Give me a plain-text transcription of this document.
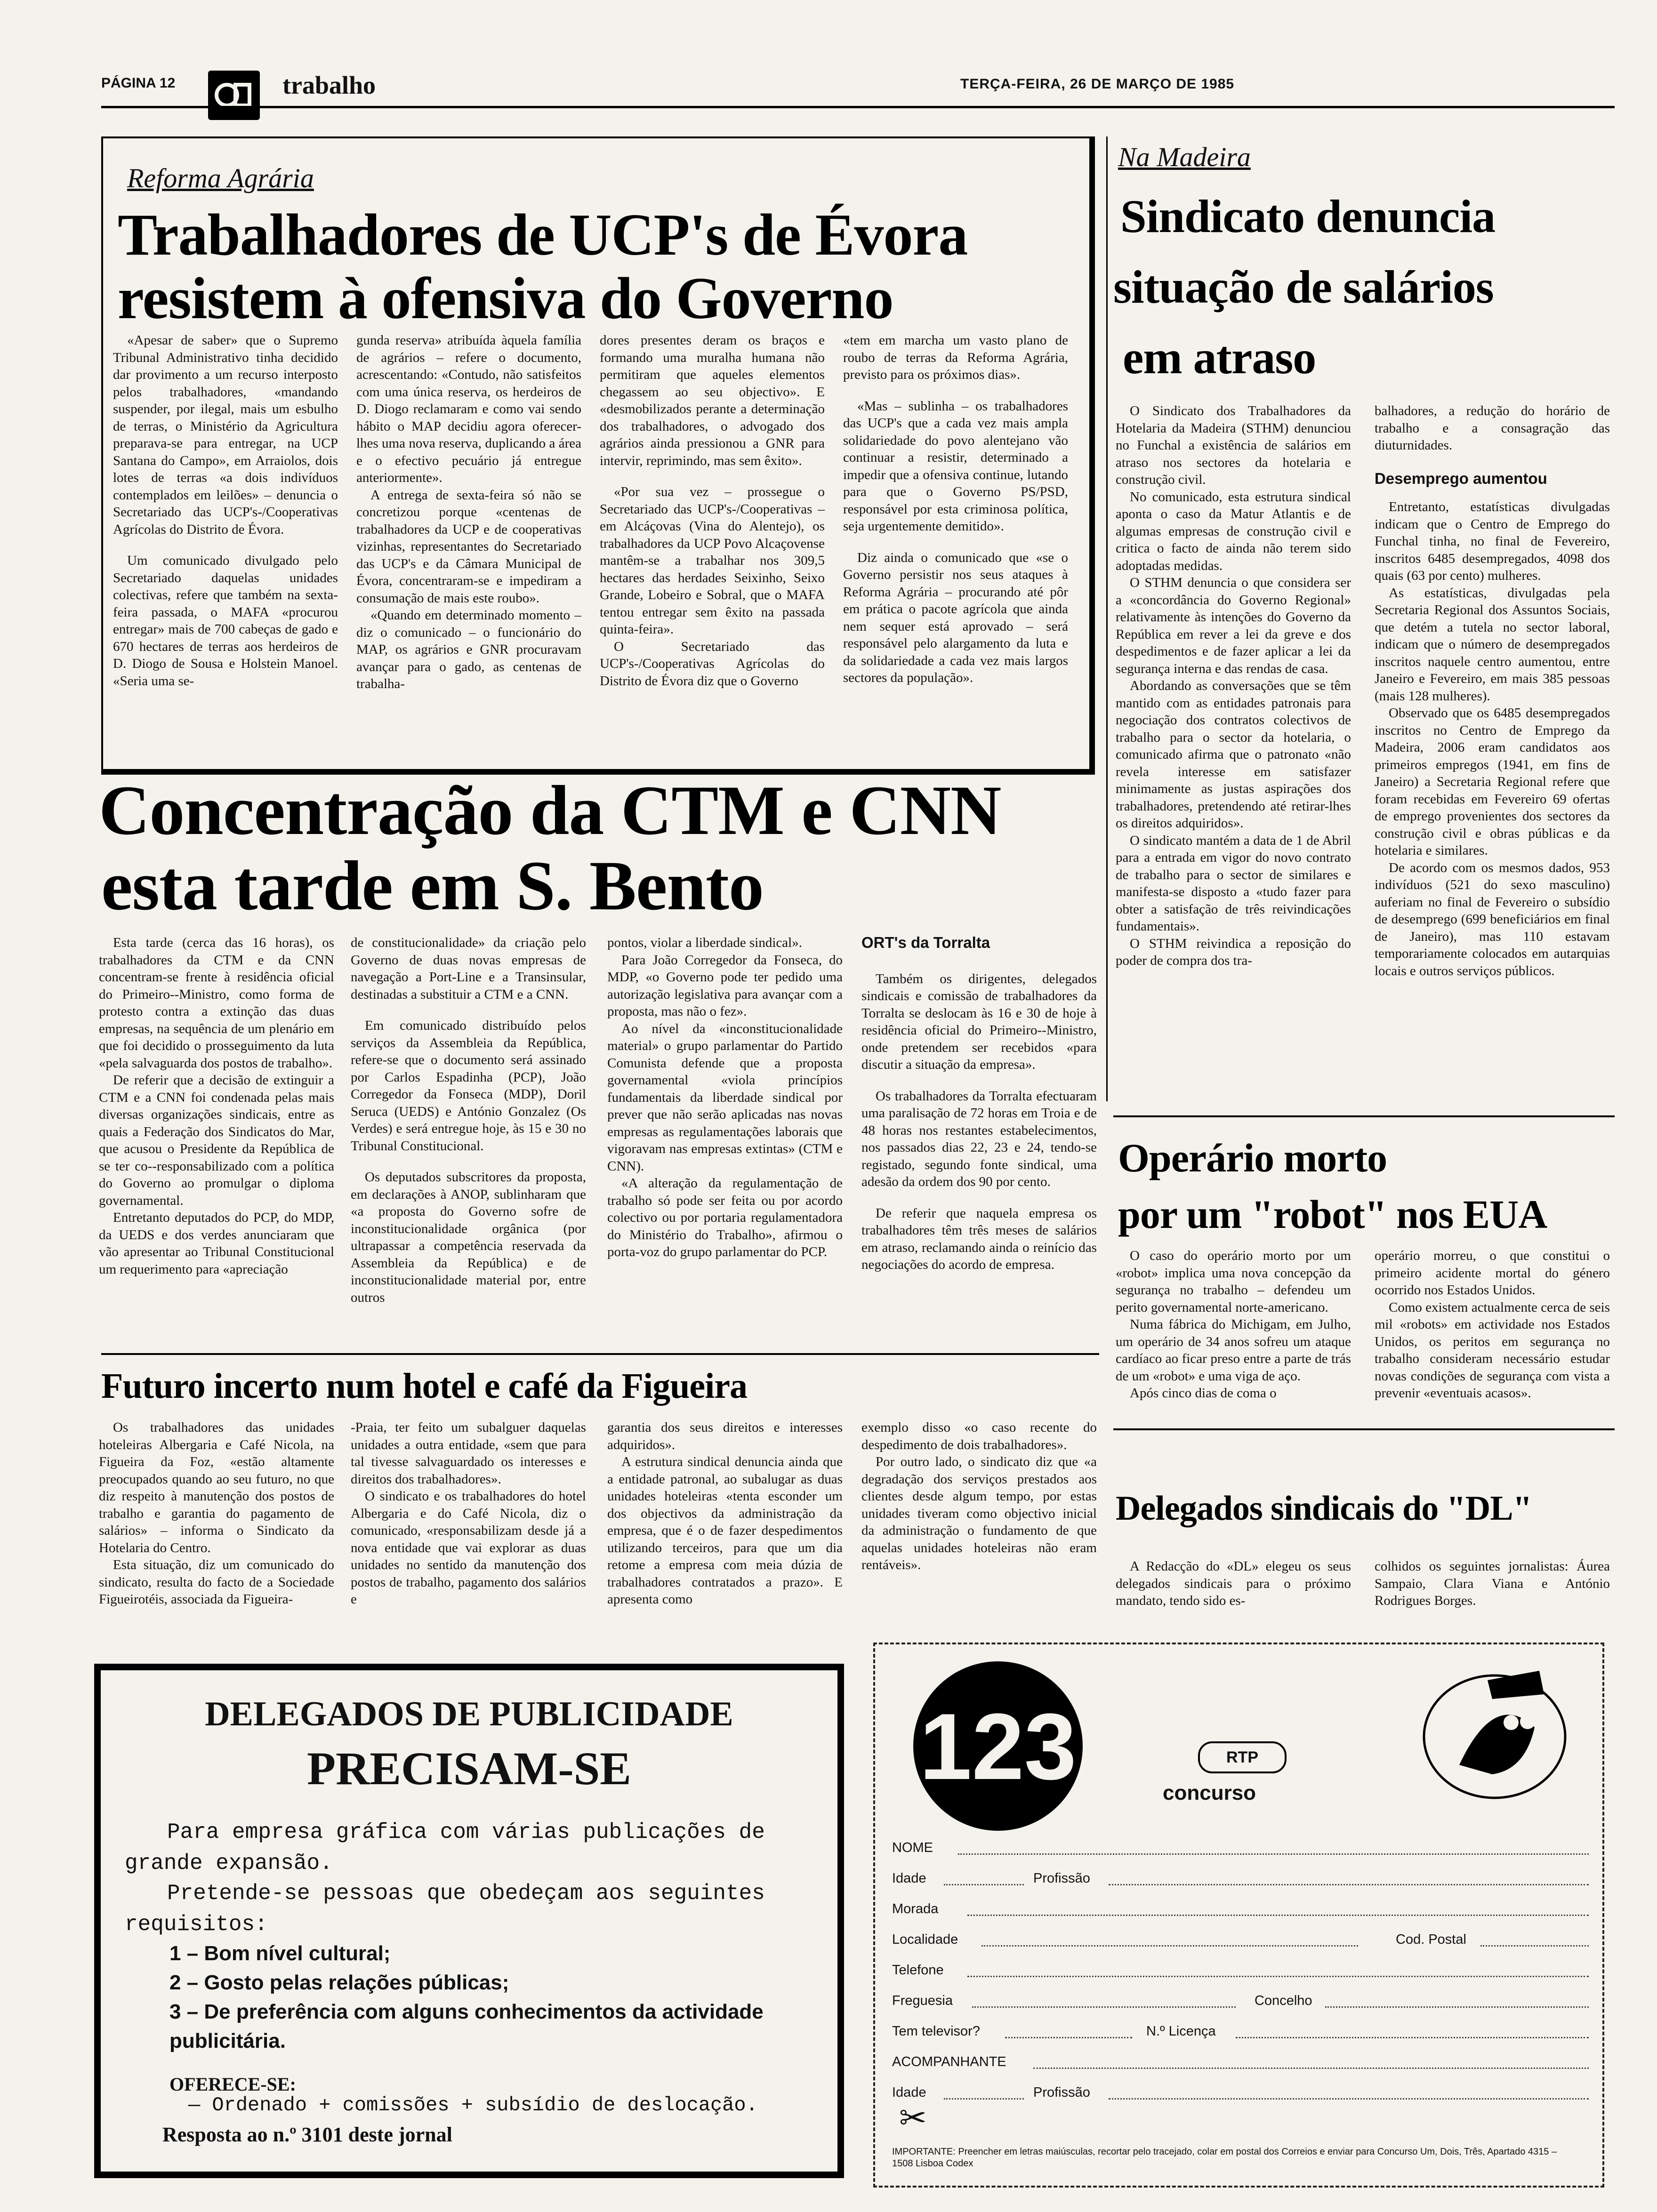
PÁGINA 12	trabalho	TERÇA-FEIRA, 26 DE MARÇO DE 1985
Reforma Agrária
Trabalhadores de UCP's de Évora
resistem à ofensiva do Governo
«Apesar de saber» que o Supremo Tribunal Administrativo tinha decidido dar provimento a um recurso interposto pelos trabalhadores, «mandando suspender, por ilegal, mais um esbulho de terras, o Ministério da Agricultura preparava-se para entregar, na UCP Santana do Campo», em Arraiolos, dois lotes de terras «a dois indivíduos contemplados em leilões» – denuncia o Secretariado das UCP's-/Cooperativas Agrícolas do Distrito de Évora.
Um comunicado divulgado pelo Secretariado daquelas unidades colectivas, refere que também na sexta-feira passada, o MAFA «procurou entregar» mais de 700 cabeças de gado e 670 hectares de terras aos herdeiros de D. Diogo de Sousa e Holstein Manoel. «Seria uma se-
gunda reserva» atribuída àquela família de agrários – refere o documento, acrescentando: «Contudo, não satisfeitos com uma única reserva, os herdeiros de D. Diogo reclamaram e como vai sendo hábito o MAP decidiu agora oferecer-lhes uma nova reserva, duplicando a área e o efectivo pecuário já entregue anteriormente».
A entrega de sexta-feira só não se concretizou porque «centenas de trabalhadores da UCP e de cooperativas vizinhas, representantes do Secretariado das UCP's e da Câmara Municipal de Évora, concentraram-se e impediram a consumação de mais este roubo».
«Quando em determinado momento – diz o comunicado – o funcionário do MAP, os agrários e GNR procuravam avançar para o gado, as centenas de trabalha-
dores presentes deram os braços e formando uma muralha humana não permitiram que aqueles elementos chegassem ao seu objectivo». E «desmobilizados perante a determinação dos trabalhadores, o advogado dos agrários ainda pressionou a GNR para intervir, reprimindo, mas sem êxito».
«Por sua vez – prossegue o Secretariado das UCP's-/Cooperativas – em Alcáçovas (Vina do Alentejo), os trabalhadores da UCP Povo Alcaçovense mantêm-se a trabalhar nos 309,5 hectares das herdades Seixinho, Seixo Grande, Lobeiro e Sobral, que o MAFA tentou entregar sem êxito na passada quinta-feira».
O Secretariado das UCP's-/Cooperativas Agrícolas do Distrito de Évora diz que o Governo
«tem em marcha um vasto plano de roubo de terras da Reforma Agrária, previsto para os próximos dias».
«Mas – sublinha – os trabalhadores das UCP's que a cada vez mais ampla solidariedade do povo alentejano vão continuar a resistir, determinado a impedir que a ofensiva continue, lutando para que o Governo PS/PSD, responsável por esta criminosa política, seja urgentemente demitido».
Diz ainda o comunicado que «se o Governo persistir nos seus ataques à Reforma Agrária – procurando até pôr em prática o pacote agrícola que ainda nem sequer está aprovado – será responsável pelo alargamento da luta e da solidariedade a cada vez mais largos sectores da população».
Na Madeira
Sindicato denuncia
situação de salários
em atraso
O Sindicato dos Trabalhadores da Hotelaria da Madeira (STHM) denunciou no Funchal a existência de salários em atraso nos sectores da hotelaria e construção civil.
No comunicado, esta estrutura sindical aponta o caso da Matur Atlantis e de algumas empresas de construção civil e critica o facto de ainda não terem sido adoptadas medidas.
O STHM denuncia o que considera ser a «concordância do Governo Regional» relativamente às intenções do Governo da República em rever a lei da greve e dos despedimentos e de fazer aplicar a lei da segurança interna e das rendas de casa.
Abordando as conversações que se têm mantido com as entidades patronais para negociação dos contratos colectivos de trabalho para o sector da hotelaria, o comunicado afirma que o patronato «não revela interesse em satisfazer minimamente as justas aspirações dos trabalhadores, pretendendo até retirar-lhes os direitos adquiridos».
O sindicato mantém a data de 1 de Abril para a entrada em vigor do novo contrato de trabalho para o sector de similares e manifesta-se disposto a «tudo fazer para obter a satisfação de três reivindicações fundamentais».
O STHM reivindica a reposição do poder de compra dos tra-
balhadores, a redução do horário de trabalho e a consagração das diuturnidades.
Desemprego aumentou
Entretanto, estatísticas divulgadas indicam que o Centro de Emprego do Funchal tinha, no final de Fevereiro, inscritos 6485 desempregados, 4098 dos quais (63 por cento) mulheres.
As estatísticas, divulgadas pela Secretaria Regional dos Assuntos Sociais, que detém a tutela no sector laboral, indicam que o número de desempregados inscritos naquele centro aumentou, entre Janeiro e Fevereiro, em mais 385 pessoas (mais 128 mulheres).
Observado que os 6485 desempregados inscritos no Centro de Emprego da Madeira, 2006 eram candidatos aos primeiros empregos (1941, em fins de Janeiro) a Secretaria Regional refere que foram recebidas em Fevereiro 69 ofertas de emprego provenientes dos sectores da construção civil e obras públicas e da hotelaria e similares.
De acordo com os mesmos dados, 953 indivíduos (521 do sexo masculino) auferiam no final de Fevereiro o subsídio de desemprego (699 beneficiários em final de Janeiro), mas 110 estavam temporariamente colocados em autarquias locais e outros serviços públicos.
Concentração da CTM e CNN
esta tarde em S. Bento
Esta tarde (cerca das 16 horas), os trabalhadores da CTM e da CNN concentram-se frente à residência oficial do Primeiro--Ministro, como forma de protesto contra a extinção das duas empresas, na sequência de um plenário em que foi decidido o prosseguimento da luta «pela salvaguarda dos postos de trabalho».
De referir que a decisão de extinguir a CTM e a CNN foi condenada pelas mais diversas organizações sindicais, entre as quais a Federação dos Sindicatos do Mar, que acusou o Presidente da República de se ter co--responsabilizado com a política do Governo ao promulgar o diploma governamental.
Entretanto deputados do PCP, do MDP, da UEDS e dos verdes anunciaram que vão apresentar ao Tribunal Constitucional um requerimento para «apreciação
de constitucionalidade» da criação pelo Governo de duas novas empresas de navegação a Port-Line e a Transinsular, destinadas a substituir a CTM e a CNN.
Em comunicado distribuído pelos serviços da Assembleia da República, refere-se que o documento será assinado por Carlos Espadinha (PCP), João Corregedor da Fonseca (MDP), Doril Seruca (UEDS) e António Gonzalez (Os Verdes) e será entregue hoje, às 15 e 30 no Tribunal Constitucional.
Os deputados subscritores da proposta, em declarações à ANOP, sublinharam que «a proposta do Governo sofre de inconstitucionalidade orgânica (por ultrapassar a competência reservada da Assembleia da República) e de inconstitucionalidade material por, entre outros
pontos, violar a liberdade sindical».
Para João Corregedor da Fonseca, do MDP, «o Governo pode ter pedido uma autorização legislativa para avançar com a proposta, mas não o fez».
Ao nível da «inconstitucionalidade material» o grupo parlamentar do Partido Comunista defende que a proposta governamental «viola princípios fundamentais da liberdade sindical por prever que não serão aplicadas nas novas empresas as regulamentações laborais que vigoravam nas empresas extintas» (CTM e CNN).
«A alteração da regulamentação de trabalho só pode ser feita ou por acordo colectivo ou por portaria regulamentadora do Ministério do Trabalho», afirmou o porta-voz do grupo parlamentar do PCP.
ORT's da Torralta
Também os dirigentes, delegados sindicais e comissão de trabalhadores da Torralta se deslocam às 16 e 30 de hoje à residência oficial do Primeiro--Ministro, onde pretendem ser recebidos «para discutir a situação da empresa».
Os trabalhadores da Torralta efectuaram uma paralisação de 72 horas em Troia e de 48 horas nos restantes estabelecimentos, nos passados dias 22, 23 e 24, tendo-se registado, segundo fonte sindical, uma adesão da ordem dos 90 por cento.
De referir que naquela empresa os trabalhadores têm três meses de salários em atraso, reclamando ainda o reinício das negociações do acordo de empresa.
Operário morto
por um "robot" nos EUA
O caso do operário morto por um «robot» implica uma nova concepção da segurança no trabalho – defendeu um perito governamental norte-americano.
Numa fábrica do Michigam, em Julho, um operário de 34 anos sofreu um ataque cardíaco ao ficar preso entre a parte de trás de um «robot» e uma viga de aço.
Após cinco dias de coma o
operário morreu, o que constitui o primeiro acidente mortal do género ocorrido nos Estados Unidos.
Como existem actualmente cerca de seis mil «robots» em actividade nos Estados Unidos, os peritos em segurança no trabalho consideram necessário estudar novas condições de segurança com vista a prevenir «eventuais acasos».
Futuro incerto num hotel e café da Figueira
Os trabalhadores das unidades hoteleiras Albergaria e Café Nicola, na Figueira da Foz, «estão altamente preocupados quando ao seu futuro, no que diz respeito à manutenção dos postos de trabalho e garantia do pagamento de salários» – informa o Sindicato da Hotelaria do Centro.
Esta situação, diz um comunicado do sindicato, resulta do facto de a Sociedade Figueirotéis, associada da Figueira-
-Praia, ter feito um subalguer daquelas unidades a outra entidade, «sem que para tal tivesse salvaguardado os interesses e direitos dos trabalhadores».
O sindicato e os trabalhadores do hotel Albergaria e do Café Nicola, diz o comunicado, «responsabilizam desde já a nova entidade que vai explorar as duas unidades no sentido da manutenção dos postos de trabalho, pagamento dos salários e
garantia dos seus direitos e interesses adquiridos».
A estrutura sindical denuncia ainda que a entidade patronal, ao subalugar as duas unidades hoteleiras «tenta esconder um dos objectivos da administração da empresa, que é o de fazer despedimentos utilizando terceiros, para que um dia retome a empresa com meia dúzia de trabalhadores contratados a prazo». E apresenta como
exemplo disso «o caso recente do despedimento de dois trabalhadores».
Por outro lado, o sindicato diz que «a degradação dos serviços prestados aos clientes desde algum tempo, por estas unidades tiveram como objectivo inicial da administração o fundamento de que aquelas unidades hoteleiras não eram rentáveis».
Delegados sindicais do "DL"
A Redacção do «DL» elegeu os seus delegados sindicais para o próximo mandato, tendo sido es-
colhidos os seguintes jornalistas: Áurea Sampaio, Clara Viana e António Rodrigues Borges.
DELEGADOS DE PUBLICIDADE
PRECISAM-SE
Para empresa gráfica com várias publicações de grande expansão.
Pretende-se pessoas que obedeçam aos seguintes requisitos:
1 – Bom nível cultural;
2 – Gosto pelas relações públicas;
3 – De preferência com alguns conhecimentos da actividade publicitária.
OFERECE-SE:
— Ordenado + comissões + subsídio de deslocação.
Resposta ao n.º 3101 deste jornal
123	RTP
concurso
NOME
Idade	Profissão
Morada
Localidade	Cod. Postal
Telefone
Freguesia	Concelho
Tem televisor?	N.º Licença
ACOMPANHANTE
Idade	Profissão
✂
IMPORTANTE: Preencher em letras maiúsculas, recortar pelo tracejado, colar em postal dos Correios e enviar para Concurso Um, Dois, Três, Apartado 4315 – 1508 Lisboa Codex
